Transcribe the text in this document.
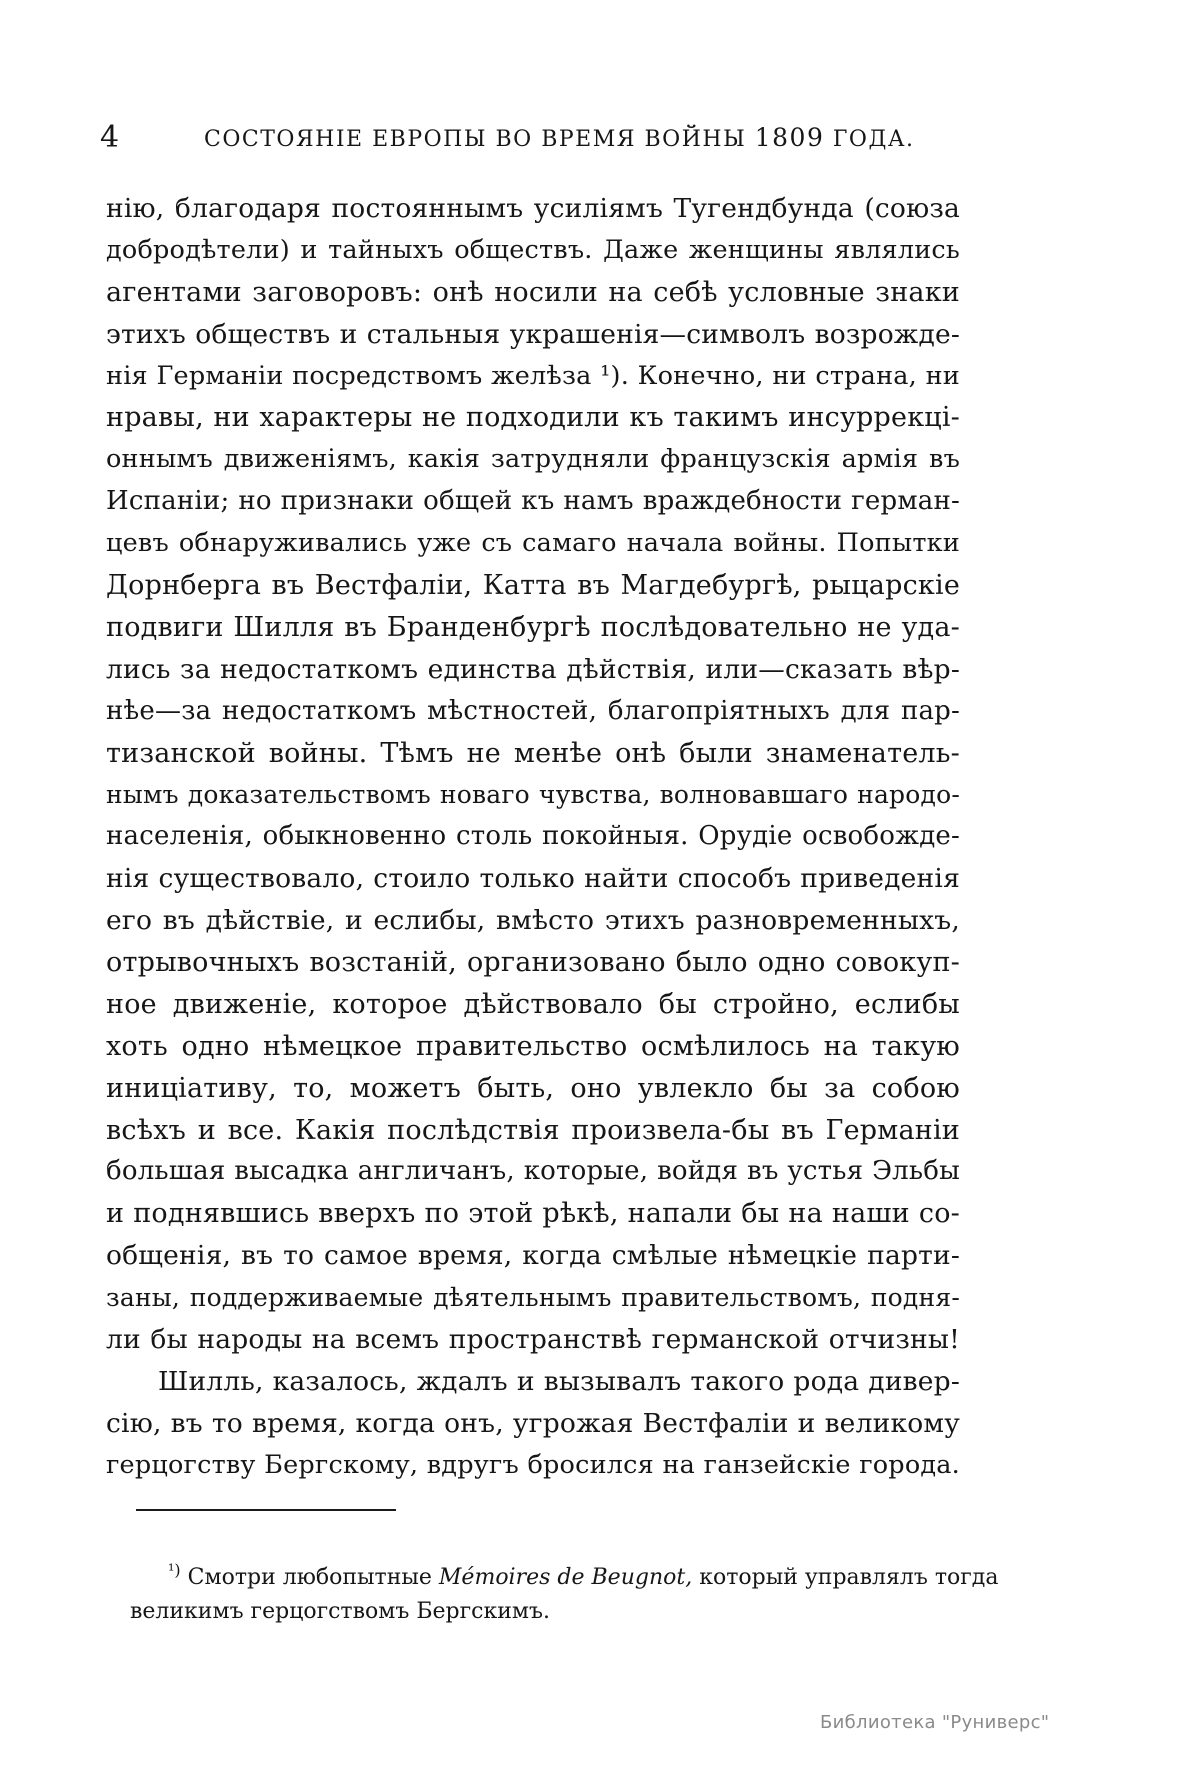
4	СОСТОЯНІЕ ЕВРОПЫ ВО ВРЕМЯ ВОЙНЫ 1809 ГОДА.
нію, благодаря постояннымъ усиліямъ Тугендбунда (союза
добродѣтели) и тайныхъ обществъ. Даже женщины являлись
агентами заговоровъ: онѣ носили на себѣ условные знаки
этихъ обществъ и стальныя украшенія—символъ возрожде-
нія Германіи посредствомъ желѣза ¹). Конечно, ни страна, ни
нравы, ни характеры не подходили къ такимъ инсуррекці-
оннымъ движеніямъ, какія затрудняли французскія армія въ
Испаніи; но признаки общей къ намъ враждебности герман-
цевъ обнаруживались уже съ самаго начала войны. Попытки
Дорнберга въ Вестфаліи, Катта въ Магдебургѣ, рыцарскіе
подвиги Шилля въ Бранденбургѣ послѣдовательно не уда-
лись за недостаткомъ единства дѣйствія, или—сказать вѣр-
нѣе—за недостаткомъ мѣстностей, благопріятныхъ для пар-
тизанской войны. Тѣмъ не менѣе онѣ были знаменатель-
нымъ доказательствомъ новаго чувства, волновавшаго народо-
населенія, обыкновенно столь покойныя. Орудіе освобожде-
нія существовало, стоило только найти способъ приведенія
его въ дѣйствіе, и еслибы, вмѣсто этихъ разновременныхъ,
отрывочныхъ возстаній, организовано было одно совокуп-
ное движеніе, которое дѣйствовало бы стройно, еслибы
хоть одно нѣмецкое правительство осмѣлилось на такую
иниціативу, то, можетъ быть, оно увлекло бы за собою
всѣхъ и все. Какія послѣдствія произвела-бы въ Германіи
большая высадка англичанъ, которые, войдя въ устья Эльбы
и поднявшись вверхъ по этой рѣкѣ, напали бы на наши со-
общенія, въ то самое время, когда смѣлые нѣмецкіе парти-
заны, поддерживаемые дѣятельнымъ правительствомъ, подня-
ли бы народы на всемъ пространствѣ германской отчизны!
Шилль, казалось, ждалъ и вызывалъ такого рода дивер-
сію, въ то время, когда онъ, угрожая Вестфаліи и великому
герцогству Бергскому, вдругъ бросился на ганзейскіе города.
$^{^1)}$ Смотри любопытные Mémoires de Beugnot, который управлялъ тогда
великимъ герцогствомъ Бергскимъ.
Библиотека "Руниверс"
